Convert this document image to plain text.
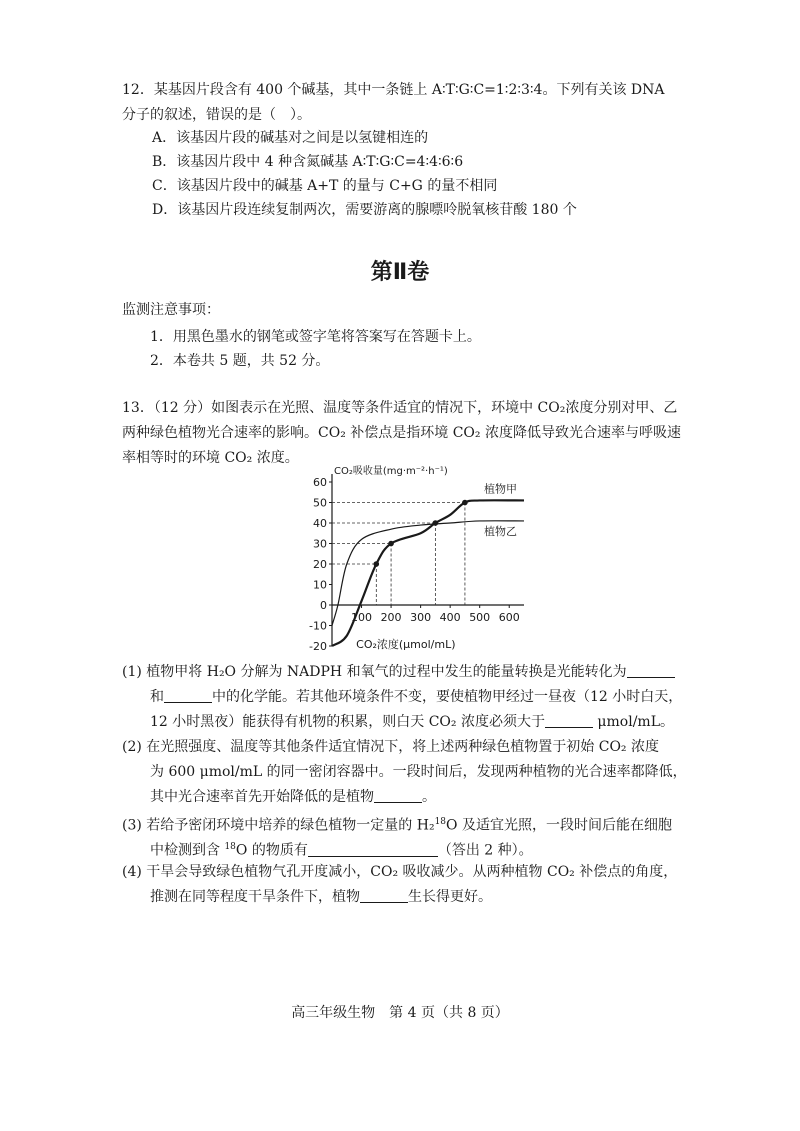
12．某基因片段含有 400 个碱基，其中一条链上 A∶T∶G∶C=1∶2∶3∶4。下列有关该 DNA
分子的叙述，错误的是（　）。
A．该基因片段的碱基对之间是以氢键相连的
B．该基因片段中 4 种含氮碱基 A∶T∶G∶C=4∶4∶6∶6
C．该基因片段中的碱基 A+T 的量与 C+G 的量不相同
D．该基因片段连续复制两次，需要游离的腺嘌呤脱氧核苷酸 180 个
第Ⅱ卷
监测注意事项：
1．用黑色墨水的钢笔或签字笔将答案写在答题卡上。
2．本卷共 5 题，共 52 分。
13．（12 分）如图表示在光照、温度等条件适宜的情况下，环境中 CO₂浓度分别对甲、乙
两种绿色植物光合速率的影响。CO₂ 补偿点是指环境 CO₂ 浓度降低导致光合速率与呼吸速
率相等时的环境 CO₂ 浓度。
-20
-10
0
10
20
30
40
50
60
100 200 300 400 500 600
植物甲
植物乙
CO₂吸收量(mg·m⁻²·h⁻¹)
CO₂浓度(μmol/mL)
(1) 植物甲将 H₂O 分解为 NADPH 和氧气的过程中发生的能量转换是光能转化为
和	中的化学能。若其他环境条件不变，要使植物甲经过一昼夜（12 小时白天，
12 小时黑夜）能获得有机物的积累，则白天 CO₂ 浓度必须大于	μmol/mL。
(2) 在光照强度、温度等其他条件适宜情况下，将上述两种绿色植物置于初始 CO₂ 浓度
为 600 μmol/mL 的同一密闭容器中。一段时间后，发现两种植物的光合速率都降低，
其中光合速率首先开始降低的是植物	。
(3) 若给予密闭环境中培养的绿色植物一定量的 H₂$^{18}$O 及适宜光照，一段时间后能在细胞
中检测到含 $^{18}$O 的物质有	（答出 2 种）。
(4) 干旱会导致绿色植物气孔开度减小，CO₂ 吸收减少。从两种植物 CO₂ 补偿点的角度，
推测在同等程度干旱条件下，植物	生长得更好。
高三年级生物　第 4 页（共 8 页）
